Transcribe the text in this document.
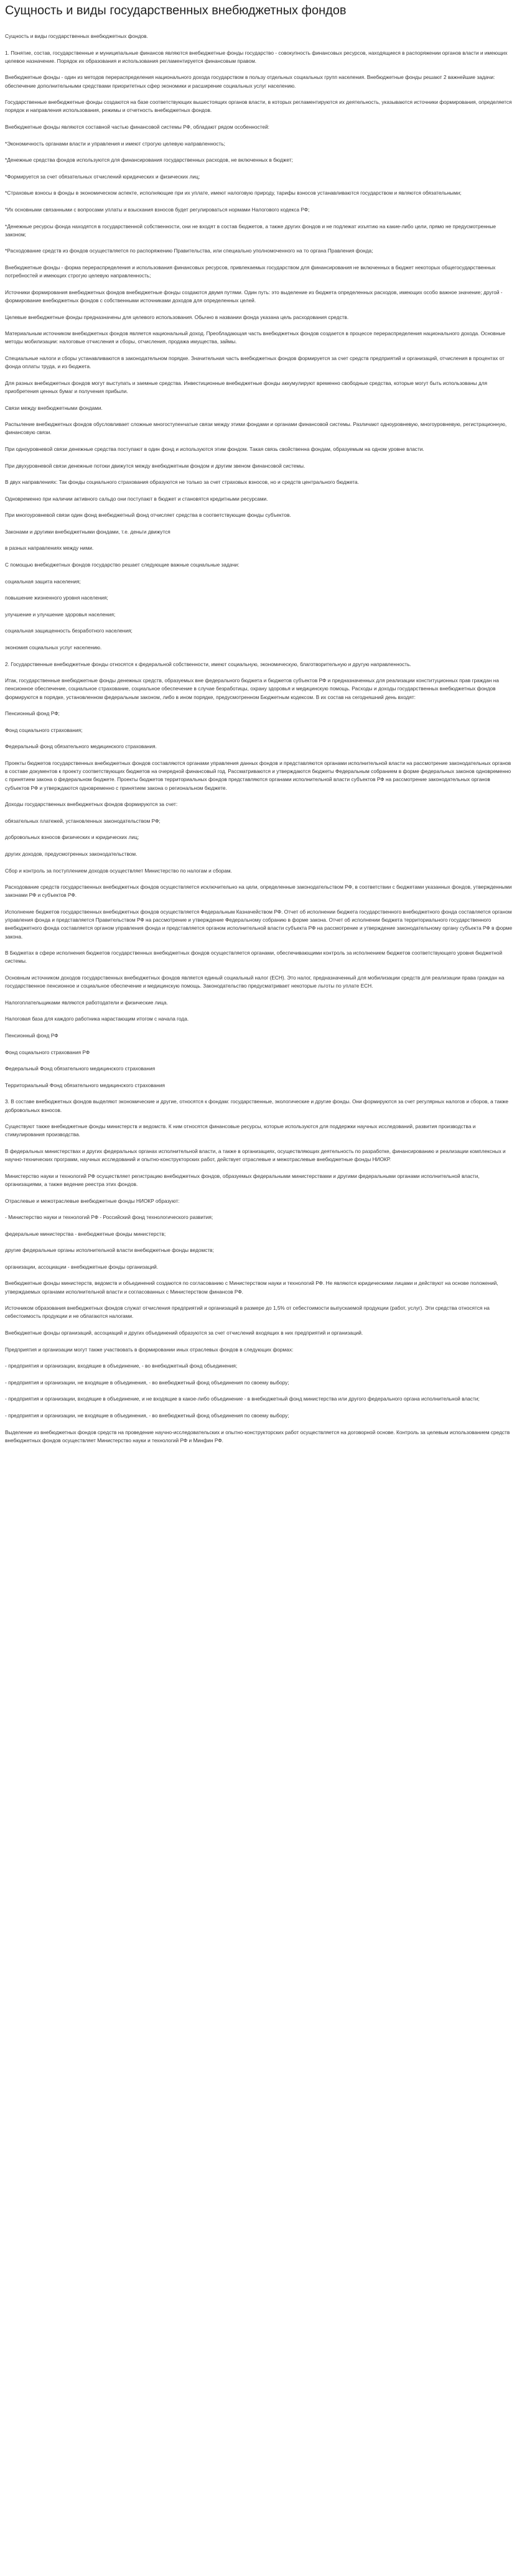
Сущность и виды государственных внебюджетных фондов

Сущность и виды государственных внебюджетных фондов.

1. Понятие, состав, государственные и муниципальные финансов являются внебюджетные фонды государство - совокупность финансовых ресурсов, находящиеся в распоряжении органов власти и имеющих целевое назначение. Порядок их образования и использования регламентируется финансовым правом.

Внебюджетные фонды - один из методов перераспределения национального дохода государством в пользу отдельных социальных групп населения. Внебюджетные фонды решают 2 важнейшие задачи: обеспечение дополнительными средствами приоритетных сфер экономики и расширение социальных услуг населению.

Государственные внебюджетные фонды создаются на базе соответствующих вышестоящих органов власти, в которых регламентируются их деятельность, указываются источники формирования, определяется порядок и направления использования, режимы и отчетность внебюджетных фондов.

Внебюджетные фонды являются составной частью финансовой системы РФ, обладают рядом особенностей:

*Экономичность органами власти и управления и имеют строгую целевую направленность;

*Денежные средства фондов используются для финансирования государственных расходов, не включенных в бюджет;

*Формируется за счет обязательных отчислений юридических и физических лиц;

*Страховые взносы в фонды в экономическом аспекте, исполняющие при их уплате, имеют налоговую природу, тарифы взносов устанавливаются государством и являются обязательными;

*Их основными связанными с вопросами уплаты и взыскания взносов будет регулироваться нормами Налогового кодекса РФ;

*Денежные ресурсы фонда находятся в государственной собственности, они не входят в состав бюджетов, а также других фондов и не подлежат изъятию на какие-либо цели, прямо не предусмотренные законом;

*Расходование средств из фондов осуществляется по распоряжению Правительства, или специально уполномоченного на то органа Правления фонда;

Внебюджетные фонды - форма перераспределения и использования финансовых ресурсов, привлекаемых государством для финансирования не включенных в бюджет некоторых общегосударственных потребностей и имеющих строгую целевую направленность;

Источники формирования внебюджетных фондов внебюджетные фонды создаются двумя путями. Один путь: это выделение из бюджета определенных расходов, имеющих особо важное значение; другой - формирование внебюджетных фондов с собственными источниками доходов для определенных целей.

Целевые внебюджетные фонды предназначены для целевого использования. Обычно в названии фонда указана цель расходования средств.

Материальным источником внебюджетных фондов является национальный доход. Преобладающая часть внебюджетных фондов создается в процессе перераспределения национального дохода. Основные методы мобилизации: налоговые отчисления и сборы, отчисления, продажа имущества, займы.

Специальные налоги и сборы устанавливаются в законодательном порядке. Значительная часть внебюджетных фондов формируется за счет средств предприятий и организаций, отчисления в процентах от фонда оплаты труда, и из бюджета.

Для разных внебюджетных фондов могут выступать и заемные средства. Инвестиционные внебюджетные фонды аккумулируют временно свободные средства, которые могут быть использованы для приобретения ценных бумаг и получения прибыли.

Связи между внебюджетными фондами.

Распыление внебюджетных фондов обусловливает сложные многоступенчатые связи между этими фондами и органами финансовой системы. Различают одноуровневую, многоуровневую, регистрационную, финансовую связи.

При одноуровневой связи денежные средства поступают в один фонд и используются этим фондом. Такая связь свойственна фондам, образуемым на одном уровне власти.

При двухуровневой связи денежные потоки движутся между внебюджетным фондом и другим звеном финансовой системы.

В двух направлениях: Так фонды социального страхования образуются не только за счет страховых взносов, но и средств центрального бюджета.

Одновременно при наличии активного сальдо они поступают в бюджет и становятся кредитными ресурсами.

При многоуровневой связи один фонд внебюджетный фонд отчисляет средства в соответствующие фонды субъектов.

Законами и другими внебюджетными фондами, т.е. деньги движутся

в разных направлениях между ними.

С помощью внебюджетных фондов государство решает следующие важные социальные задачи:

социальная защита населения;

повышение жизненного уровня населения;

улучшение и улучшение здоровья населения;

социальная защищенность безработного населения;

экономия социальных услуг населению.

2. Государственные внебюджетные фонды относятся к федеральной собственности, имеют социальную, экономическую, благотворительную и другую направленность.

Итак, государственные внебюджетные фонды денежных средств, образуемых вне федерального бюджета и бюджетов субъектов РФ и предназначенных для реализации конституционных прав граждан на пенсионное обеспечение, социальное страхование, социальное обеспечение в случае безработицы, охрану здоровья и медицинскую помощь. Расходы и доходы государственных внебюджетных фондов формируются в порядке, установленном федеральным законом, либо в ином порядке, предусмотренном Бюджетным кодексом. В их состав на сегодняшний день входят:

Пенсионный фонд РФ;

Фонд социального страхования;

Федеральный фонд обязательного медицинского страхования.

Проекты бюджетов государственных внебюджетных фондов составляются органами управления данных фондов и представляются органами исполнительной власти на рассмотрение законодательных органов в составе документов к проекту соответствующих бюджетов на очередной финансовый год. Рассматриваются и утверждаются бюджеты Федеральным собранием в форме федеральных законов одновременно с принятием закона о федеральном бюджете. Проекты бюджетов территориальных фондов представляются органами исполнительной власти субъектов РФ на рассмотрение законодательных органов субъектов РФ и утверждаются одновременно с принятием закона о региональном бюджете.

Доходы государственных внебюджетных фондов формируются за счет:

обязательных платежей, установленных законодательством РФ;

добровольных взносов физических и юридических лиц;

других доходов, предусмотренных законодательством.

Сбор и контроль за поступлением доходов осуществляет Министерство по налогам и сборам.

Расходование средств государственных внебюджетных фондов осуществляется исключительно на цели, определенные законодательством РФ, в соответствии с бюджетами указанных фондов, утвержденными законами РФ и субъектов РФ.

Исполнение бюджетов государственных внебюджетных фондов осуществляется Федеральным Казначейством РФ. Отчет об исполнении бюджета государственного внебюджетного фонда составляется органом управления фонда и представляется Правительством РФ на рассмотрение и утверждение Федеральному собранию в форме закона. Отчет об исполнении бюджета территориального государственного внебюджетного фонда составляется органом управления фонда и представляется органом исполнительной власти субъекта РФ на рассмотрение и утверждение законодательному органу субъекта РФ в форме закона.

В Бюджетах в сфере исполнения бюджетов государственных внебюджетных фондов осуществляется органами, обеспечивающими контроль за исполнением бюджетов соответствующего уровня бюджетной системы.

Основным источником доходов государственных внебюджетных фондов является единый социальный налог (ЕСН). Это налог, предназначенный для мобилизации средств для реализации права граждан на государственное пенсионное и социальное обеспечение и медицинскую помощь. Законодательство предусматривает некоторые льготы по уплате ЕСН.

Налогоплательщиками являются работодатели и физические лица.

Налоговая база для каждого работника нарастающим итогом с начала года.

Пенсионный фонд РФ

Фонд социального страхования РФ

Федеральный Фонд обязательного медицинского страхования

Территориальный Фонд обязательного медицинского страхования

3. В составе внебюджетных фондов выделяют экономические и другие, относятся к фондам: государственные, экологические и другие фонды. Они формируются за счет регулярных налогов и сборов, а также добровольных взносов.

Существуют также внебюджетные фонды министерств и ведомств. К ним относятся финансовые ресурсы, которые используются для поддержки научных исследований, развития производства и стимулирования производства.

В федеральных министерствах и других федеральных органах исполнительной власти, а также в организациях, осуществляющих деятельность по разработке, финансированию и реализации комплексных и научно-технических программ, научных исследований и опытно-конструкторских работ, действует отраслевые и межотраслевые внебюджетные фонды НИОКР.

Министерство науки и технологий РФ осуществляет регистрацию внебюджетных фондов, образуемых федеральными министерствами и другими федеральными органами исполнительной власти, организациями, а также ведение реестра этих фондов.

Отраслевые и межотраслевые внебюджетные фонды НИОКР образуют:

- Министерство науки и технологий РФ - Российский фонд технологического развития;

федеральные министерства - внебюджетные фонды министерств;

другие федеральные органы исполнительной власти внебюджетные фонды ведомств;

организации, ассоциации - внебюджетные фонды организаций.

Внебюджетные фонды министерств, ведомств и объединений создаются по согласованию с Министерством науки и технологий РФ. Не являются юридическими лицами и действуют на основе положений, утверждаемых органами исполнительной власти и согласованных с Министерством финансов РФ.

Источником образования внебюджетных фондов служат отчисления предприятий и организаций в размере до 1,5% от себестоимости выпускаемой продукции (работ, услуг). Эти средства относятся на себестоимость продукции и не облагаются налогами.

Внебюджетные фонды организаций, ассоциаций и других объединений образуются за счет отчислений входящих в них предприятий и организаций.

Предприятия и организации могут также участвовать в формировании иных отраслевых фондов в следующих формах:

- предприятия и организации, входящие в объединение, - во внебюджетный фонд объединения;

- предприятия и организации, не входящие в объединения, - во внебюджетный фонд объединения по своему выбору;

- предприятия и организации, входящие в объединение, и не входящие в какое-либо объединение - в внебюджетный фонд министерства или другого федерального органа исполнительной власти;

- предприятия и организации, не входящие в объединения, - во внебюджетный фонд объединения по своему выбору;

Выделение из внебюджетных фондов средств на проведение научно-исследовательских и опытно-конструкторских работ осуществляется на договорной основе. Контроль за целевым использованием средств внебюджетных фондов осуществляет Министерство науки и технологий РФ и Минфин РФ.
